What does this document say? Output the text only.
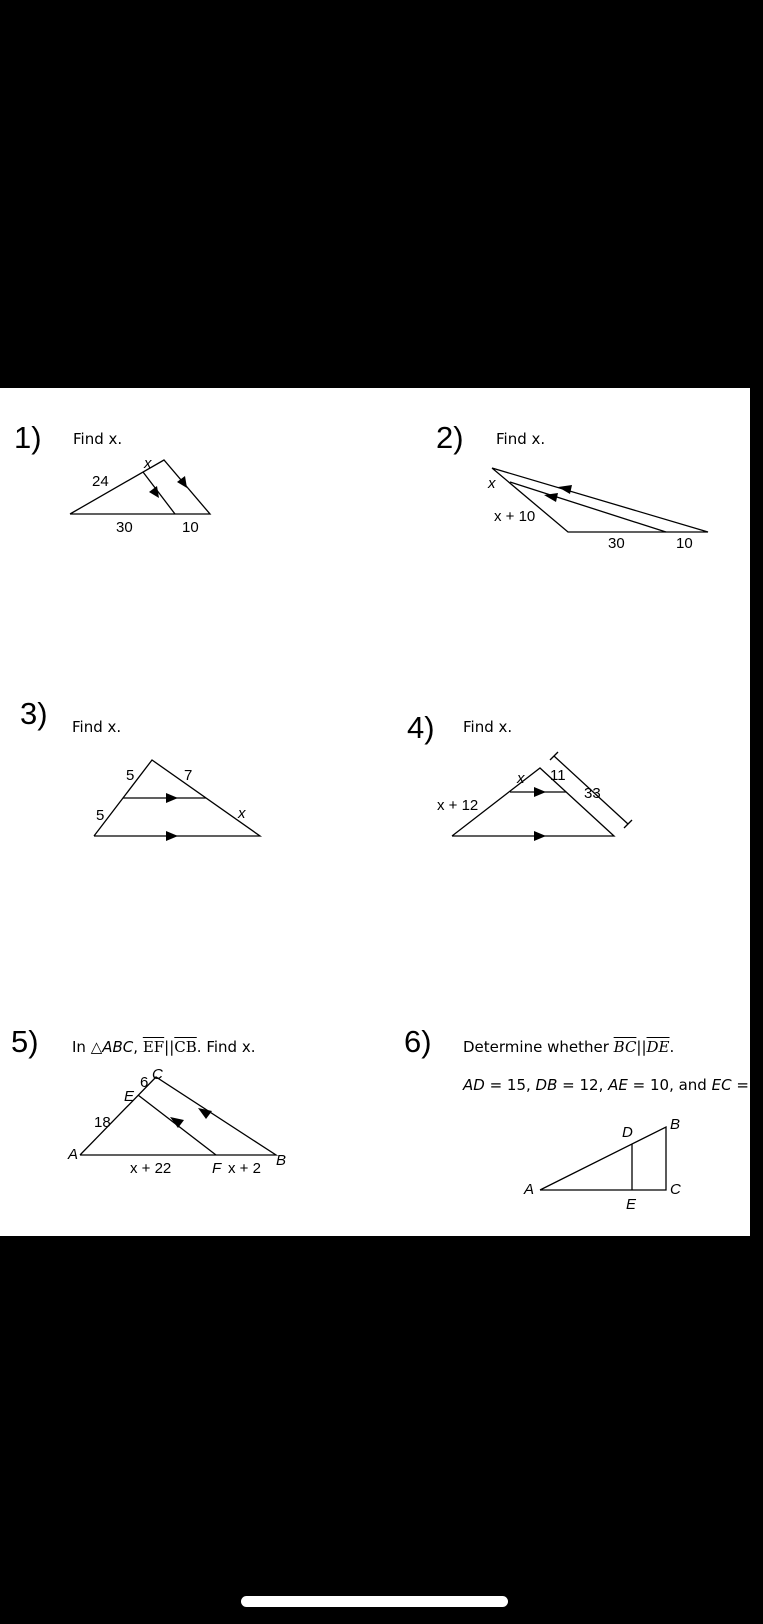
1) Find x.
x
24
30	10
2) Find x.
x
x + 10
30	10
3) Find x.
5
5
7
x
4) Find x.
x + 12
x 11
33
5) In △ABC, $\overline{EF}||\overline{CB}$. Find x.
C
6
E
18
A
x + 22	F x + 2 B
6) Determine whether $\overline{BC}||\overline{DE}$.
AD = 15, DB = 12, AE = 10, and EC = 8
A
D B
E
C
